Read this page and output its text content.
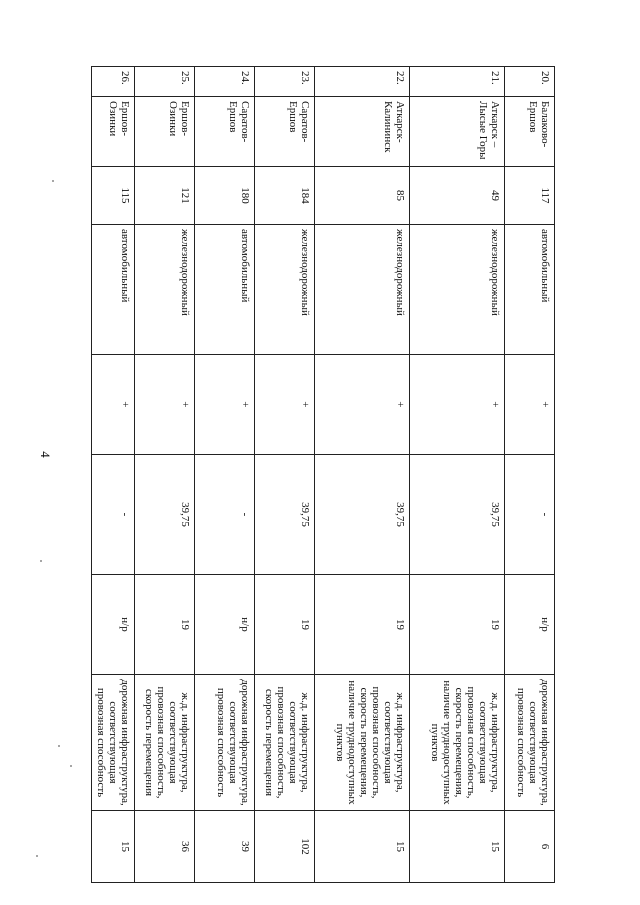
4
20.	Балаково-Ершов	117	автомобильный	+	-	н/р	дорожная инфраструктура, соответствующая провозная способность	6
21.	Аткарск – Лысые Горы	49	железнодорожный	+	39,75	19	ж.д. инфраструктура, соответствующая провозная способность, скорость перемещения, наличие труднодоступных пунктов	15
22.	Аткарск-Калининск	85	железнодорожный	+	39,75	19	ж.д. инфраструктура, соответствующая провозная способность, скорость перемещения, наличие труднодоступных пунктов	15
23.	Саратов-Ершов	184	железнодорожный	+	39,75	19	ж.д. инфраструктура, соответствующая провозная способность, скорость перемещения	102
24.	Саратов-Ершов	180	автомобильный	+	-	н/р	дорожная инфраструктура, соответствующая провозная способность	39
25.	Ершов-Озинки	121	железнодорожный	+	39,75	19	ж.д. инфраструктура, соответствующая провозная способность, скорость перемещения	36
26.	Ершов-Озинки	115	автомобильный	+	-	н/р	дорожная инфраструктура, соответствующая провозная способность	15
